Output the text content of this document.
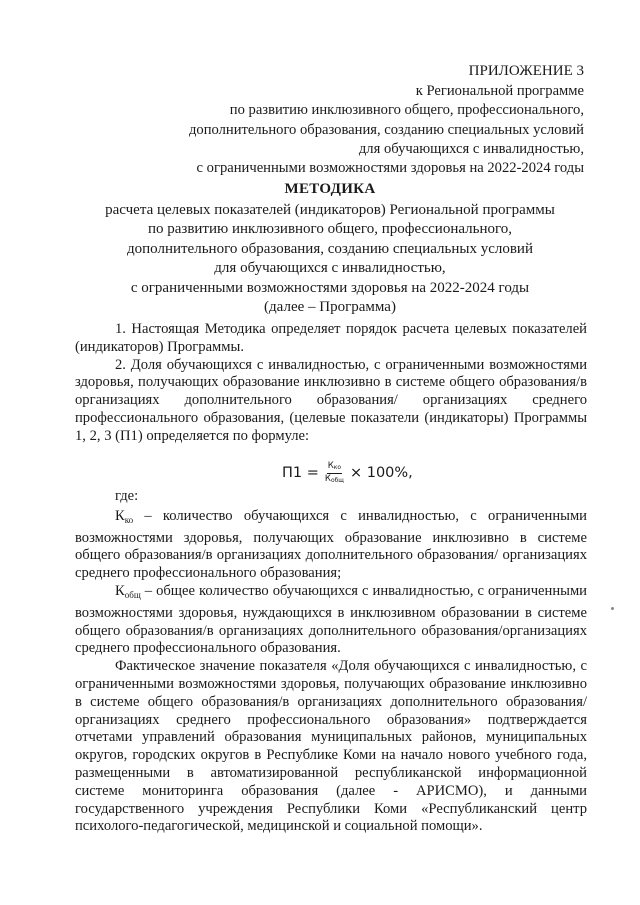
ПРИЛОЖЕНИЕ 3
к Региональной программе
по развитию инклюзивного общего, профессионального,
дополнительного образования, созданию специальных условий
для обучающихся с инвалидностью,
с ограниченными возможностями здоровья на 2022-2024 годы
МЕТОДИКА
расчета целевых показателей (индикаторов) Региональной программы
по развитию инклюзивного общего, профессионального,
дополнительного образования, созданию специальных условий
для обучающихся с инвалидностью,
с ограниченными возможностями здоровья на 2022-2024 годы
(далее – Программа)

1. Настоящая Методика определяет порядок расчета целевых показателей (индикаторов) Программы.

2. Доля обучающихся с инвалидностью, с ограниченными возможностями здоровья, получающих образование инклюзивно в системе общего образования/в организациях дополнительного образования/ организациях среднего профессионального образования, (целевые показатели (индикаторы) Программы 1, 2, 3 (П1) определяется по формуле:

$П1 = \frac{К_{ко}}{К_{общ}} \times 100\%$,

где:

$К_{ко}$ – количество обучающихся с инвалидностью, с ограниченными возможностями здоровья, получающих образование инклюзивно в системе общего образования/в организациях дополнительного образования/ организациях среднего профессионального образования;

$К_{общ}$ – общее количество обучающихся с инвалидностью, с ограниченными возможностями здоровья, нуждающихся в инклюзивном образовании в системе общего образования/в организациях дополнительного образования/организациях среднего профессионального образования.

Фактическое значение показателя «Доля обучающихся с инвалидностью, с ограниченными возможностями здоровья, получающих образование инклюзивно в системе общего образования/в организациях дополнительного образования/ организациях среднего профессионального образования» подтверждается отчетами управлений образования муниципальных районов, муниципальных округов, городских округов в Республике Коми на начало нового учебного года, размещенными в автоматизированной республиканской информационной системе мониторинга образования (далее - АРИСМО), и данными государственного учреждения Республики Коми «Республиканский центр психолого-педагогической, медицинской и социальной помощи».
